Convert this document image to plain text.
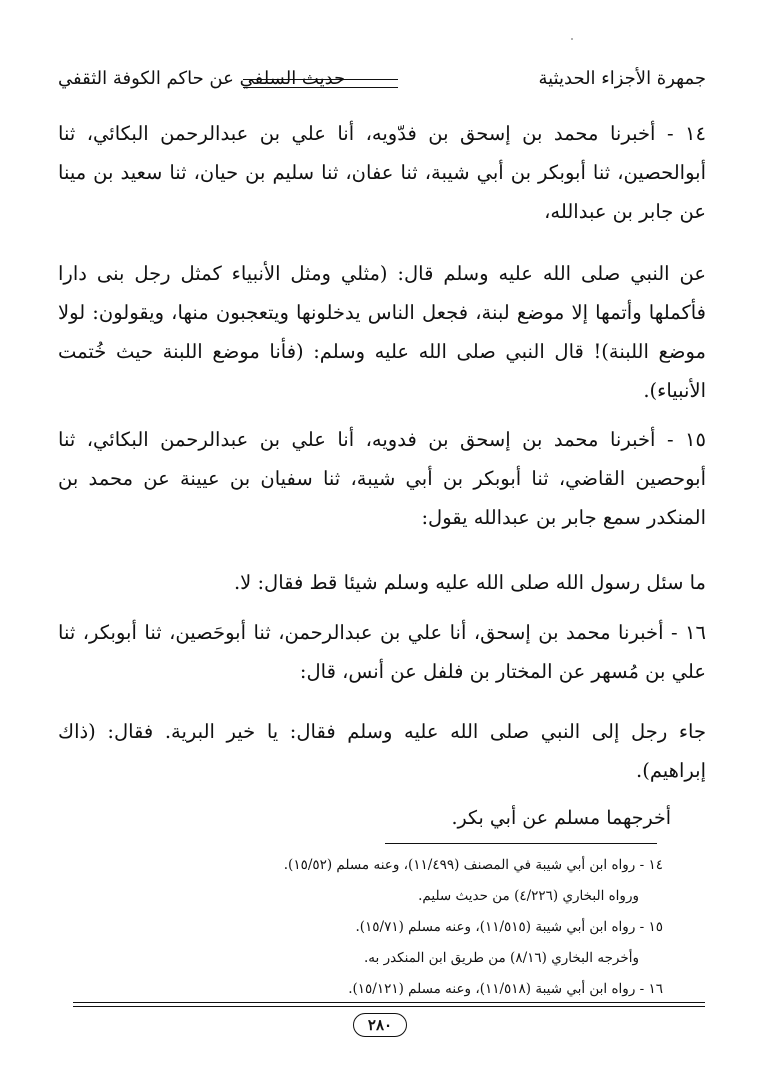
جمهرة الأجزاء الحديثية
حديث السلفي عن حاكم الكوفة الثقفي
١٤ - أخبرنا محمد بن إسحق بن فدّويه، أنا علي بن عبدالرحمن البكائي، ثنا أبوالحصين، ثنا أبوبكر بن أبي شيبة، ثنا عفان، ثنا سليم بن حيان، ثنا سعيد بن مينا عن جابر بن عبدالله،
عن النبي صلى الله عليه وسلم قال: (مثلي ومثل الأنبياء كمثل رجل بنى دارا فأكملها وأتمها إلا موضع لبنة، فجعل الناس يدخلونها ويتعجبون منها، ويقولون: لولا موضع اللبنة)! قال النبي صلى الله عليه وسلم: (فأنا موضع اللبنة حيث خُتمت الأنبياء).
١٥ - أخبرنا محمد بن إسحق بن فدويه، أنا علي بن عبدالرحمن البكائي، ثنا أبوحصين القاضي، ثنا أبوبكر بن أبي شيبة، ثنا سفيان بن عيينة عن محمد بن المنكدر سمع جابر بن عبدالله يقول:
ما سئل رسول الله صلى الله عليه وسلم شيئا قط فقال: لا.
١٦ - أخبرنا محمد بن إسحق، أنا علي بن عبدالرحمن، ثنا أبوحَصين، ثنا أبوبكر، ثنا علي بن مُسهر عن المختار بن فلفل عن أنس، قال:
جاء رجل إلى النبي صلى الله عليه وسلم فقال: يا خير البرية. فقال: (ذاك إبراهيم).
أخرجهما مسلم عن أبي بكر.
١٤ - رواه ابن أبي شيبة في المصنف (١١/٤٩٩)، وعنه مسلم (١٥/٥٢).
ورواه البخاري (٤/٢٢٦) من حديث سليم.
١٥ - رواه ابن أبي شيبة (١١/٥١٥)، وعنه مسلم (١٥/٧١).
وأخرجه البخاري (٨/١٦) من طريق ابن المنكدر به.
١٦ - رواه ابن أبي شيبة (١١/٥١٨)، وعنه مسلم (١٥/١٢١).
٢٨٠
